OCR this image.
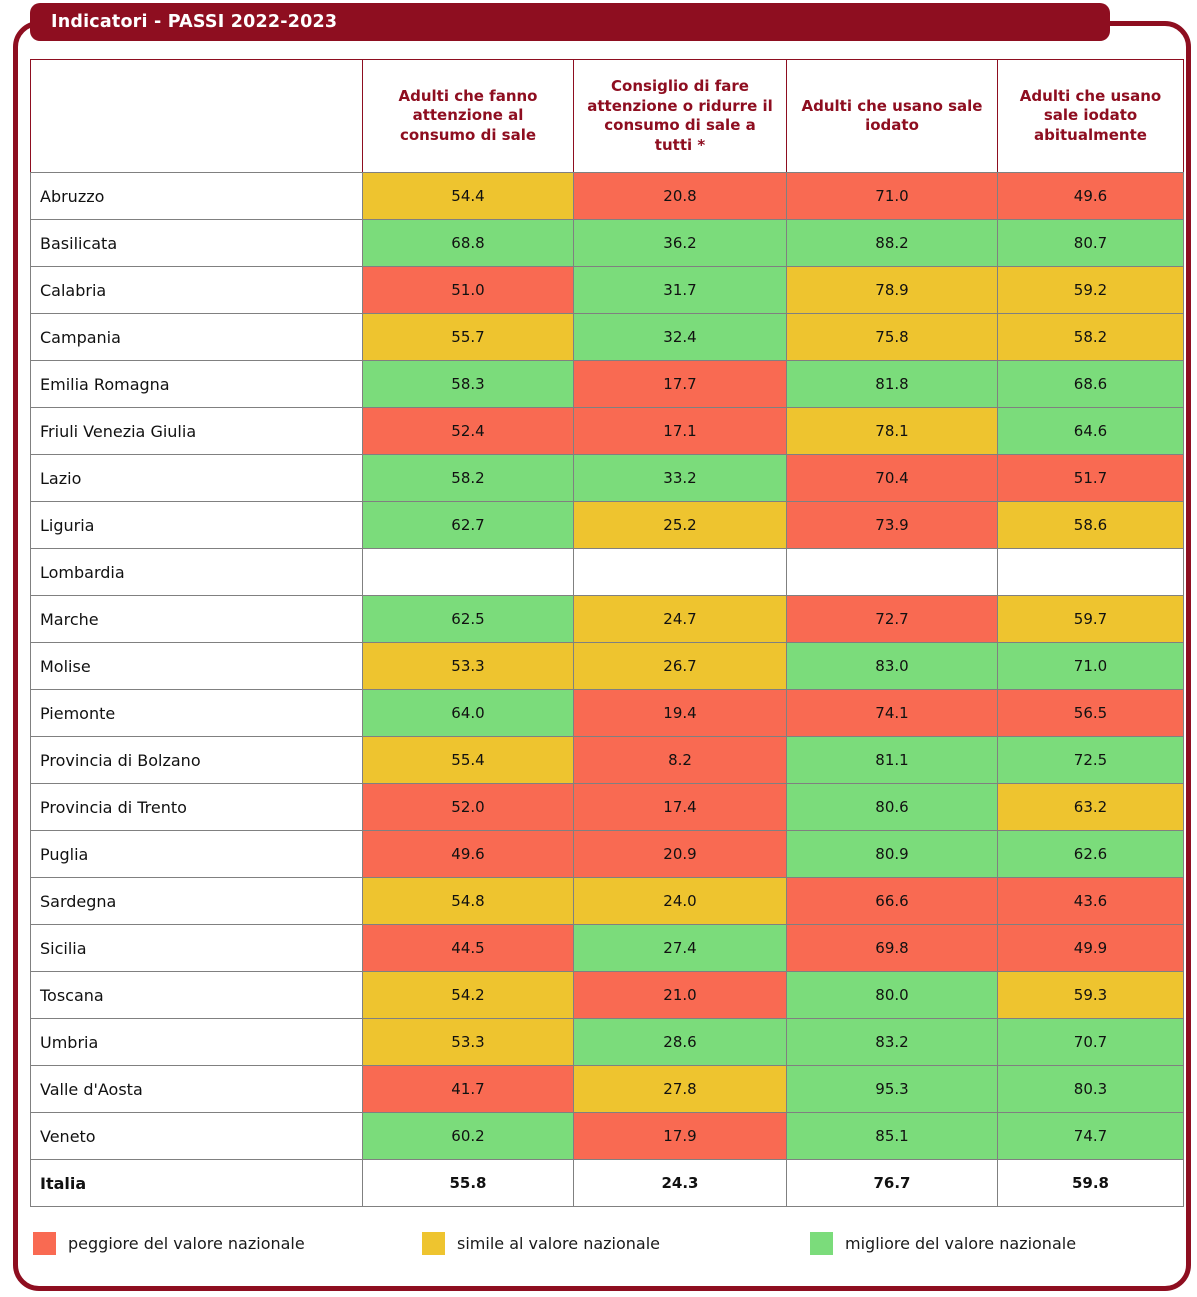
Indicatori - PASSI 2022-2023
	Adulti che fanno attenzione al consumo di sale	Consiglio di fare attenzione o ridurre il consumo di sale a tutti *	Adulti che usano sale iodato	Adulti che usano sale iodato abitualmente
Abruzzo	54.4	20.8	71.0	49.6
Basilicata	68.8	36.2	88.2	80.7
Calabria	51.0	31.7	78.9	59.2
Campania	55.7	32.4	75.8	58.2
Emilia Romagna	58.3	17.7	81.8	68.6
Friuli Venezia Giulia	52.4	17.1	78.1	64.6
Lazio	58.2	33.2	70.4	51.7
Liguria	62.7	25.2	73.9	58.6
Lombardia				
Marche	62.5	24.7	72.7	59.7
Molise	53.3	26.7	83.0	71.0
Piemonte	64.0	19.4	74.1	56.5
Provincia di Bolzano	55.4	8.2	81.1	72.5
Provincia di Trento	52.0	17.4	80.6	63.2
Puglia	49.6	20.9	80.9	62.6
Sardegna	54.8	24.0	66.6	43.6
Sicilia	44.5	27.4	69.8	49.9
Toscana	54.2	21.0	80.0	59.3
Umbria	53.3	28.6	83.2	70.7
Valle d'Aosta	41.7	27.8	95.3	80.3
Veneto	60.2	17.9	85.1	74.7
Italia	55.8	24.3	76.7	59.8
peggiore del valore nazionale	simile al valore nazionale	migliore del valore nazionale
